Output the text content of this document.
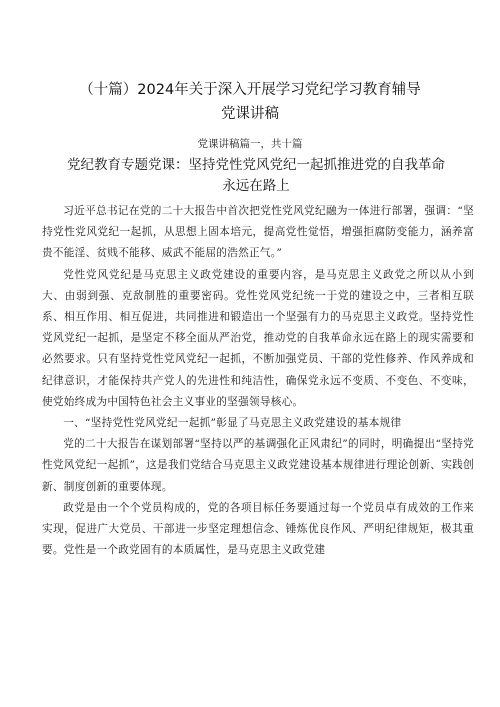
（十篇）2024年关于深入开展学习党纪学习教育辅导
党课讲稿
党课讲稿篇一，共十篇
党纪教育专题党课：坚持党性党风党纪一起抓推进党的自我革命
永远在路上

习近平总书记在党的二十大报告中首次把党性党风党纪融为一体进行部署，强调：“坚持党性党风党纪一起抓，从思想上固本培元，提高党性觉悟，增强拒腐防变能力，涵养富贵不能淫、贫贱不能移、威武不能屈的浩然正气。”

党性党风党纪是马克思主义政党建设的重要内容，是马克思主义政党之所以从小到大、由弱到强、克敌制胜的重要密码。党性党风党纪统一于党的建设之中，三者相互联系、相互作用、相互促进，共同推进和锻造出一个坚强有力的马克思主义政党。坚持党性党风党纪一起抓，是坚定不移全面从严治党，推动党的自我革命永远在路上的现实需要和必然要求。只有坚持党性党风党纪一起抓，不断加强党员、干部的党性修养、作风养成和纪律意识，才能保持共产党人的先进性和纯洁性，确保党永远不变质、不变色、不变味，使党始终成为中国特色社会主义事业的坚强领导核心。

一、“坚持党性党风党纪一起抓”彰显了马克思主义政党建设的基本规律

党的二十大报告在谋划部署“坚持以严的基调强化正风肃纪”的同时，明确提出“坚持党性党风党纪一起抓”，这是我们党结合马克思主义政党建设基本规律进行理论创新、实践创新、制度创新的重要体现。

政党是由一个个党员构成的，党的各项目标任务要通过每一个党员卓有成效的工作来实现，促进广大党员、干部进一步坚定理想信念、锤炼优良作风、严明纪律规矩，极其重要。党性是一个政党固有的本质属性，是马克思主义政党建
